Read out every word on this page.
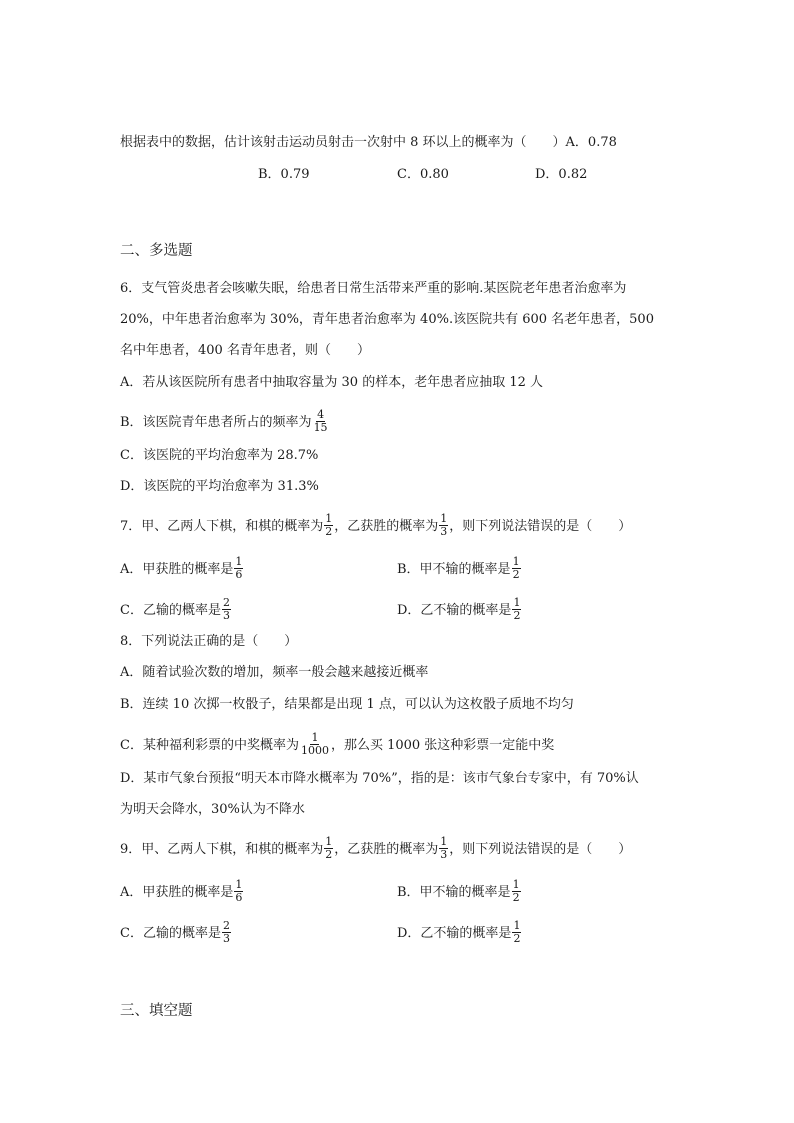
根据表中的数据，估计该射击运动员射击一次射中 8 环以上的概率为（　　）A．0.78
B．0.79	C．0.80	D．0.82
二、多选题
6．支气管炎患者会咳嗽失眠，给患者日常生活带来严重的影响.某医院老年患者治愈率为
20%，中年患者治愈率为 30%，青年患者治愈率为 40%.该医院共有 600 名老年患者，500
名中年患者，400 名青年患者，则（　　）
A．若从该医院所有患者中抽取容量为 30 的样本，老年患者应抽取 12 人
B．该医院青年患者所占的频率为 $\frac{4}{15}$
C．该医院的平均治愈率为 28.7%
D．该医院的平均治愈率为 31.3%
7．甲、乙两人下棋，和棋的概率为 $\frac{1}{2}$ ，乙获胜的概率为 $\frac{1}{3}$ ，则下列说法错误的是（　　）
A．甲获胜的概率是 $\frac{1}{6}$	B．甲不输的概率是 $\frac{1}{2}$
C．乙输的概率是 $\frac{2}{3}$	D．乙不输的概率是 $\frac{1}{2}$
8．下列说法正确的是（　　）
A．随着试验次数的增加，频率一般会越来越接近概率
B．连续 10 次掷一枚骰子，结果都是出现 1 点，可以认为这枚骰子质地不均匀
C．某种福利彩票的中奖概率为 $\frac{1}{1000}$ ，那么买 1000 张这种彩票一定能中奖
D．某市气象台预报“明天本市降水概率为 70%”，指的是：该市气象台专家中，有 70%认
为明天会降水，30%认为不降水
9．甲、乙两人下棋，和棋的概率为 $\frac{1}{2}$ ，乙获胜的概率为 $\frac{1}{3}$ ，则下列说法错误的是（　　）
A．甲获胜的概率是 $\frac{1}{6}$	B．甲不输的概率是 $\frac{1}{2}$
C．乙输的概率是 $\frac{2}{3}$	D．乙不输的概率是 $\frac{1}{2}$
三、填空题
